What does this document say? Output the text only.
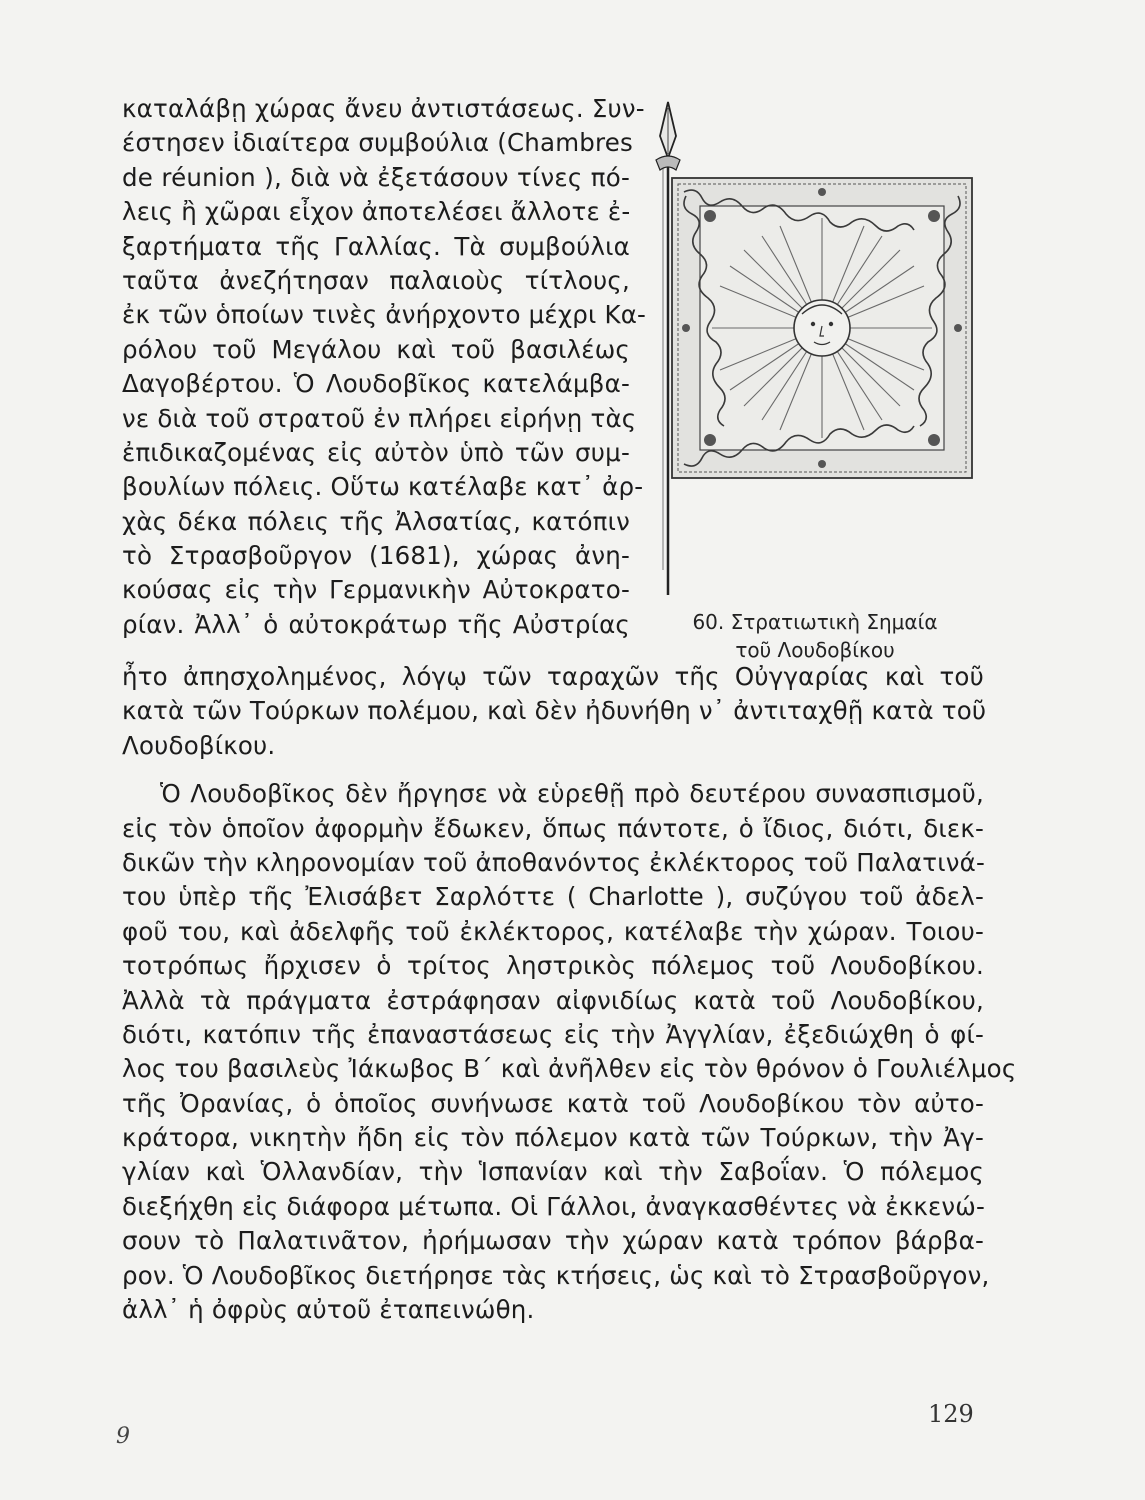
καταλάβῃ χώρας ἄνευ ἀντιστάσεως. Συν-
έστησεν ἰδιαίτερα συμβούλια (Chambres
de réunion ), διὰ νὰ ἐξετάσουν τίνες πό-
λεις ἢ χῶραι εἶχον ἀποτελέσει ἄλλοτε ἐ-
ξαρτήματα τῆς Γαλλίας. Τὰ συμβούλια
ταῦτα ἀνεζήτησαν παλαιοὺς τίτλους,
ἐκ τῶν ὁποίων τινὲς ἀνήρχοντο μέχρι Κα-
ρόλου τοῦ Μεγάλου καὶ τοῦ βασιλέως
Δαγοβέρτου. Ὁ Λουδοβῖκος κατελάμβα-
νε διὰ τοῦ στρατοῦ ἐν πλήρει εἰρήνῃ τὰς
ἐπιδικαζομένας εἰς αὐτὸν ὑπὸ τῶν συμ-
βουλίων πόλεις. Οὕτω κατέλαβε κατ᾽ ἀρ-
χὰς δέκα πόλεις τῆς Ἀλσατίας, κατόπιν
τὸ Στρασβοῦργον (1681), χώρας ἀνη-
κούσας εἰς τὴν Γερμανικὴν Αὐτοκρατο-
ρίαν. Ἀλλ᾽ ὁ αὐτοκράτωρ τῆς Αὐστρίας	60. Στρατιωτικὴ Σημαία
τοῦ Λουδοβίκου
ἦτο ἀπησχολημένος, λόγῳ τῶν ταραχῶν τῆς Οὐγγαρίας καὶ τοῦ
κατὰ τῶν Τούρκων πολέμου, καὶ δὲν ἠδυνήθη ν᾽ ἀντιταχθῇ κατὰ τοῦ
Λουδοβίκου.
Ὁ Λουδοβῖκος δὲν ἤργησε νὰ εὑρεθῇ πρὸ δευτέρου συνασπισμοῦ,
εἰς τὸν ὁποῖον ἀφορμὴν ἔδωκεν, ὅπως πάντοτε, ὁ ἴδιος, διότι, διεκ-
δικῶν τὴν κληρονομίαν τοῦ ἀποθανόντος ἐκλέκτορος τοῦ Παλατινά-
του ὑπὲρ τῆς Ἐλισάβετ Σαρλόττε ( Charlotte ), συζύγου τοῦ ἀδελ-
φοῦ του, καὶ ἀδελφῆς τοῦ ἐκλέκτορος, κατέλαβε τὴν χώραν. Τοιου-
τοτρόπως ἤρχισεν ὁ τρίτος ληστρικὸς πόλεμος τοῦ Λουδοβίκου.
Ἀλλὰ τὰ πράγματα ἐστράφησαν αἰφνιδίως κατὰ τοῦ Λουδοβίκου,
διότι, κατόπιν τῆς ἐπαναστάσεως εἰς τὴν Ἀγγλίαν, ἐξεδιώχθη ὁ φί-
λος του βασιλεὺς Ἰάκωβος Β΄ καὶ ἀνῆλθεν εἰς τὸν θρόνον ὁ Γουλιέλμος
τῆς Ὀρανίας, ὁ ὁποῖος συνήνωσε κατὰ τοῦ Λουδοβίκου τὸν αὐτο-
κράτορα, νικητὴν ἤδη εἰς τὸν πόλεμον κατὰ τῶν Τούρκων, τὴν Ἀγ-
γλίαν καὶ Ὁλλανδίαν, τὴν Ἱσπανίαν καὶ τὴν Σαβοΐαν. Ὁ πόλεμος
διεξήχθη εἰς διάφορα μέτωπα. Οἱ Γάλλοι, ἀναγκασθέντες νὰ ἐκκενώ-
σουν τὸ Παλατινᾶτον, ἠρήμωσαν τὴν χώραν κατὰ τρόπον βάρβα-
ρον. Ὁ Λουδοβῖκος διετήρησε τὰς κτήσεις, ὡς καὶ τὸ Στρασβοῦργον,
ἀλλ᾽ ἡ ὀφρὺς αὐτοῦ ἐταπεινώθη.
129
9
